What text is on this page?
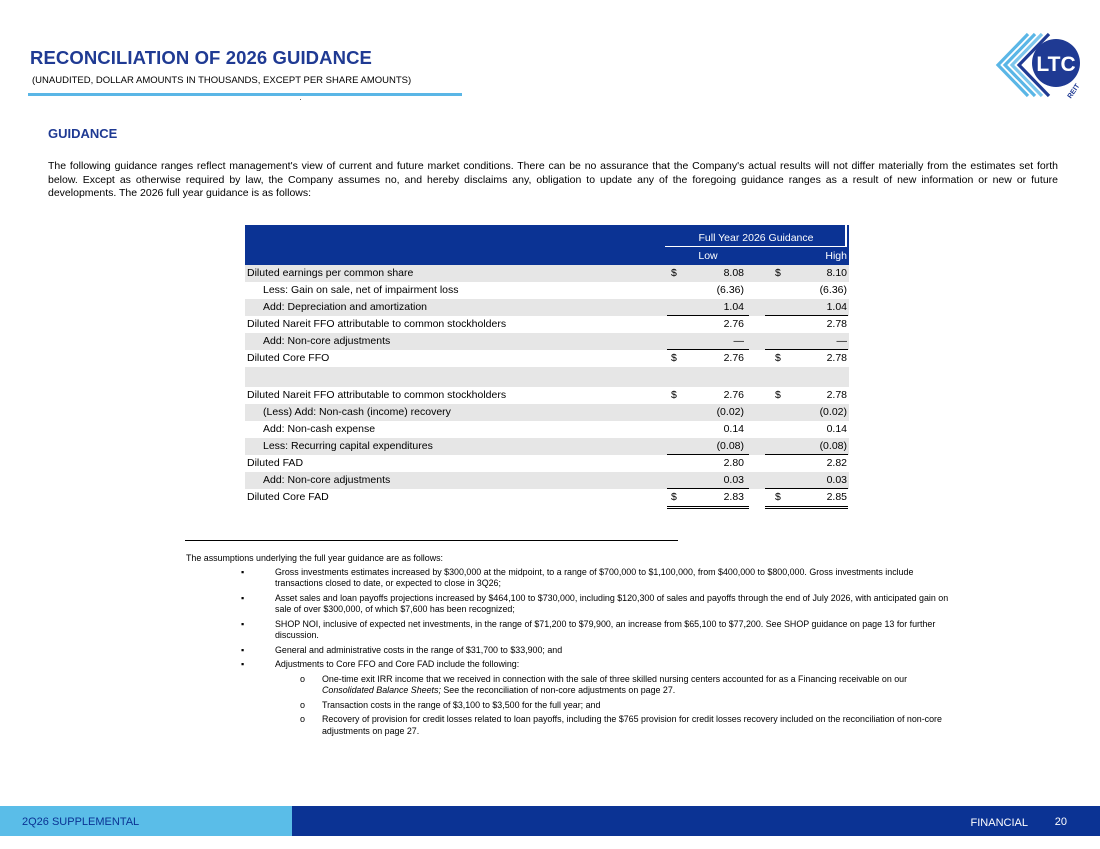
RECONCILIATION OF 2026 GUIDANCE
(UNAUDITED, DOLLAR AMOUNTS IN THOUSANDS, EXCEPT PER SHARE AMOUNTS)
LTC
REIT
GUIDANCE
The following guidance ranges reflect management's view of current and future market conditions. There can be no assurance that the Company's actual results will not differ materially from the estimates set forth below. Except as otherwise required by law, the Company assumes no, and hereby disclaims any, obligation to update any of the foregoing guidance ranges as a result of new information or new or future developments. The 2026 full year guidance is as follows:
Full Year 2026 Guidance
Low	High
Diluted earnings per common share	$	8.08	$	8.10
Less: Gain on sale, net of impairment loss	(6.36)	(6.36)
Add: Depreciation and amortization	1.04	1.04
Diluted Nareit FFO attributable to common stockholders	2.76	2.78
Add: Non-core adjustments	—	—
Diluted Core FFO	$	2.76	$	2.78
Diluted Nareit FFO attributable to common stockholders	$	2.76	$	2.78
(Less) Add: Non-cash (income) recovery	(0.02)	(0.02)
Add: Non-cash expense	0.14	0.14
Less: Recurring capital expenditures	(0.08)	(0.08)
Diluted FAD	2.80	2.82
Add: Non-core adjustments	0.03	0.03
Diluted Core FAD	$	2.83	$	2.85

The assumptions underlying the full year guidance are as follows:

▪	Gross investments estimates increased by $300,000 at the midpoint, to a range of $700,000 to $1,100,000, from $400,000 to $800,000. Gross investments include transactions closed to date, or expected to close in 3Q26;
▪	Asset sales and loan payoffs projections increased by $464,100 to $730,000, including $120,300 of sales and payoffs through the end of July 2026, with anticipated gain on sale of over $300,000, of which $7,600 has been recognized;
▪	SHOP NOI, inclusive of expected net investments, in the range of $71,200 to $79,900, an increase from $65,100 to $77,200. See SHOP guidance on page 13 for further discussion.
▪	General and administrative costs in the range of $31,700 to $33,900; and
▪	Adjustments to Core FFO and Core FAD include the following:
o One-time exit IRR income that we received in connection with the sale of three skilled nursing centers accounted for as a Financing receivable on our Consolidated Balance Sheets; See the reconciliation of non-core adjustments on page 27.
o Transaction costs in the range of $3,100 to $3,500 for the full year; and
o Recovery of provision for credit losses related to loan payoffs, including the $765 provision for credit losses recovery included on the reconciliation of non-core adjustments on page 27.
2Q26 SUPPLEMENTAL	FINANCIAL 20
